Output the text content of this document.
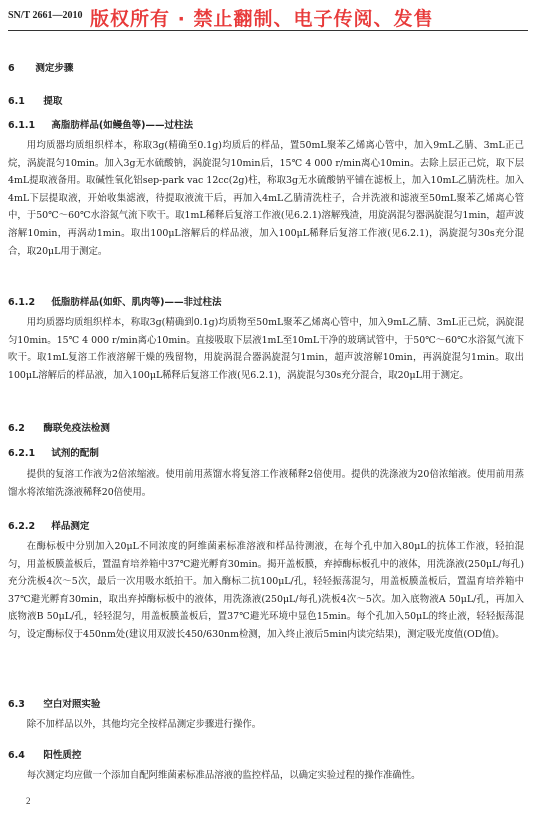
SN/T 2661—2010 版权所有 · 禁止翻制、电子传阅、发售
6 测定步骤
6.1 提取
6.1.1 高脂肪样品(如鳗鱼等)——过柱法
用均质器均质组织样本，称取3g(精确至0.1g)均质后的样品，置50mL聚苯乙烯离心管中，加入9mL乙腈、3mL正己烷，涡旋混匀10min。加入3g无水硫酸钠，涡旋混匀10min后，15℃ 4 000 r/min离心10min。去除上层正己烷，取下层4mL提取液备用。取碱性氧化铝sep-park vac 12cc(2g)柱，称取3g无水硫酸钠平铺在滤板上，加入10mL乙腈洗柱。加入4mL下层提取液，开始收集滤液，待提取液流干后，再加入4mL乙腈清洗柱子，合并洗液和滤液至50mL聚苯乙烯离心管中，于50℃～60℃水浴氮气流下吹干。取1mL稀释后复溶工作液(见6.2.1)溶解残渣，用旋涡混匀器涡旋混匀1min，超声波溶解10min，再涡动1min。取出100μL溶解后的样品液，加入100μL稀释后复溶工作液(见6.2.1)，涡旋混匀30s充分混合，取20μL用于测定。
6.1.2 低脂肪样品(如虾、肌肉等)——非过柱法
用均质器均质组织样本，称取3g(精确到0.1g)均质物至50mL聚苯乙烯离心管中，加入9mL乙腈、3mL正己烷，涡旋混匀10min。15℃ 4 000 r/min离心10min。直接吸取下层液1mL至10mL干净的玻璃试管中，于50℃～60℃水浴氮气流下吹干。取1mL复溶工作液溶解干燥的残留物，用旋涡混合器涡旋混匀1min，超声波溶解10min，再涡旋混匀1min。取出100μL溶解后的样品液，加入100μL稀释后复溶工作液(见6.2.1)，涡旋混匀30s充分混合，取20μL用于测定。
6.2 酶联免疫法检测
6.2.1 试剂的配制
提供的复溶工作液为2倍浓缩液。使用前用蒸馏水将复溶工作液稀释2倍使用。提供的洗涤液为20倍浓缩液。使用前用蒸馏水将浓缩洗涤液稀释20倍使用。
6.2.2 样品测定
在酶标板中分别加入20μL不同浓度的阿维菌素标准溶液和样品待测液，在每个孔中加入80μL的抗体工作液，轻拍混匀，用盖板膜盖板后，置温育培养箱中37℃避光孵育30min。揭开盖板膜，弃掉酶标板孔中的液体，用洗涤液(250μL/每孔)充分洗板4次～5次，最后一次用吸水纸拍干。加入酶标二抗100μL/孔，轻轻振荡混匀，用盖板膜盖板后，置温育培养箱中37℃避光孵育30min，取出弃掉酶标板中的液体，用洗涤液(250μL/每孔)洗板4次～5次。加入底物液A 50μL/孔，再加入底物液B 50μL/孔，轻轻混匀，用盖板膜盖板后，置37℃避光环境中显色15min。每个孔加入50μL的终止液，轻轻振荡混匀，设定酶标仪于450nm处(建议用双波长450/630nm检测，加入终止液后5min内读完结果)，测定吸光度值(OD值)。
6.3 空白对照实验
除不加样品以外，其他均完全按样品测定步骤进行操作。
6.4 阳性质控
每次测定均应做一个添加自配阿维菌素标准品溶液的监控样品，以确定实验过程的操作准确性。
2
